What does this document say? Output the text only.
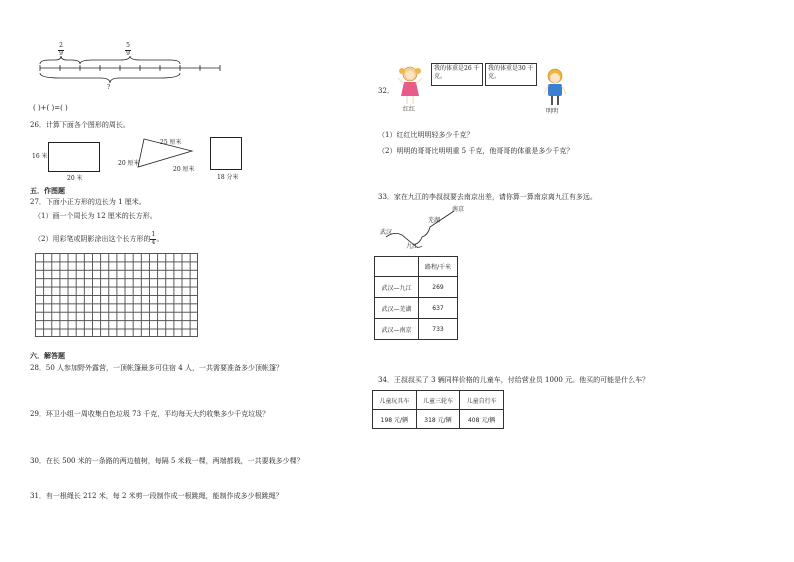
2
9
5
9
?
( )+( )=( )
26．计算下面各个图形的周长。
16 米
20 米
25 厘米
20 厘米
20 厘米
18 分米
五．作图题
27．下面小正方形的边长为 1 厘米。
（1）画一个周长为 12 厘米的长方形。
（2）用彩笔或阴影涂出这个长方形的 $\frac{1}{4}$ 。
六．解答题
28．50 人参加野外露营，一顶帐篷最多可住宿 4 人，一共需要准备多少顶帐篷？
29．环卫小组一周收集白色垃圾 73 千克，平均每天大约收集多少千克垃圾？
30．在长 500 米的一条路的两边植树，每隔 5 米栽一棵，两端都栽，一共要栽多少棵？
31．有一根绳长 212 米，每 2 米剪一段制作成一根跳绳，能制作成多少根跳绳？
32．
红红
我的体重是26 千克。
我的体重是30 千克。
明明
（1）红红比明明轻多少千克？
（2）明明的哥哥比明明重 5 千克，他哥哥的体重是多少千克？
33．家在九江的李叔叔要去南京出差，请你算一算南京离九江有多远。
武汉
九江
芜湖
南京
	路程/千米
武汉—九江	269
武汉—芜湖	637
武汉—南京	733
34．王叔叔买了 3 辆同样价格的儿童车，付给营业员 1000 元。他买的可能是什么车？
儿童玩具车	儿童三轮车	儿童自行车
198 元/辆	318 元/辆	408 元/辆
